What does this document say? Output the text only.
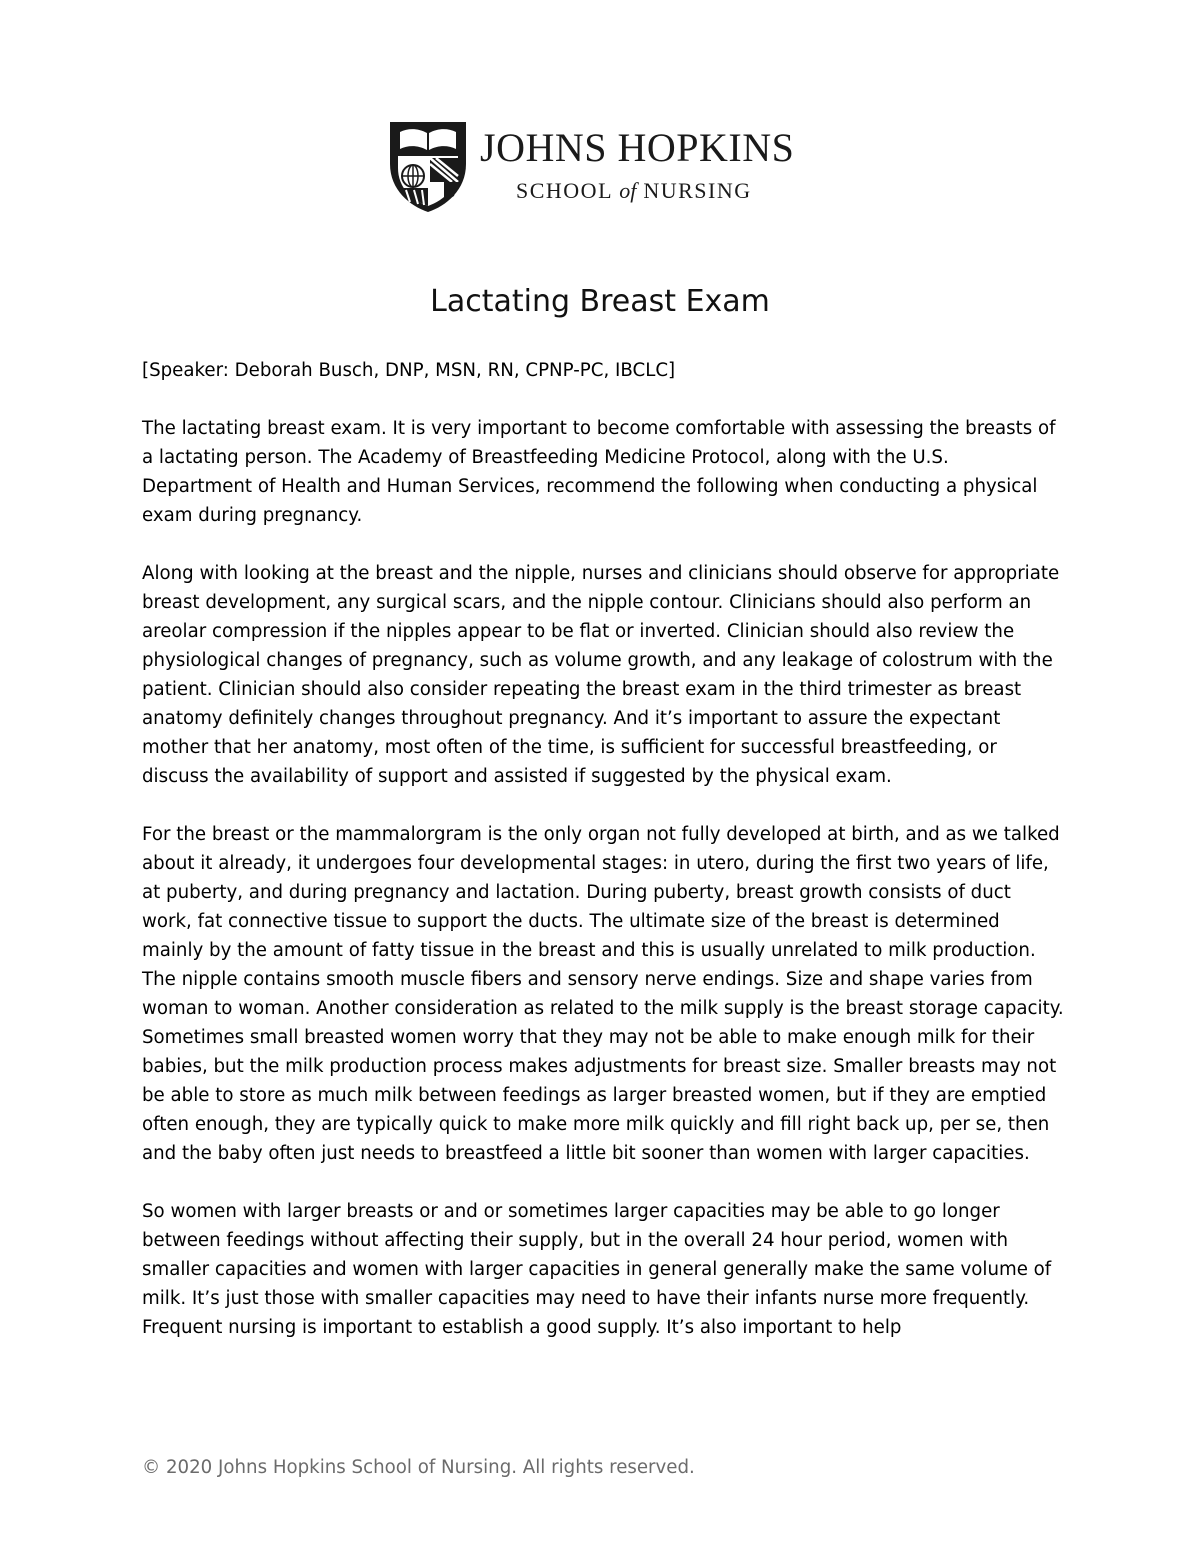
JOHNS HOPKINS
SCHOOL of NURSING
Lactating Breast Exam

[Speaker: Deborah Busch, DNP, MSN, RN, CPNP-PC, IBCLC]

The lactating breast exam. It is very important to become comfortable with assessing the breasts of a lactating person. The Academy of Breastfeeding Medicine Protocol, along with the U.S. Department of Health and Human Services, recommend the following when conducting a physical exam during pregnancy.

Along with looking at the breast and the nipple, nurses and clinicians should observe for appropriate breast development, any surgical scars, and the nipple contour. Clinicians should also perform an areolar compression if the nipples appear to be flat or inverted. Clinician should also review the physiological changes of pregnancy, such as volume growth, and any leakage of colostrum with the patient. Clinician should also consider repeating the breast exam in the third trimester as breast anatomy definitely changes throughout pregnancy. And it’s important to assure the expectant mother that her anatomy, most often of the time, is sufficient for successful breastfeeding, or discuss the availability of support and assisted if suggested by the physical exam.

For the breast or the mammalorgram is the only organ not fully developed at birth, and as we talked about it already, it undergoes four developmental stages: in utero, during the first two years of life, at puberty, and during pregnancy and lactation. During puberty, breast growth consists of duct work, fat connective tissue to support the ducts. The ultimate size of the breast is determined mainly by the amount of fatty tissue in the breast and this is usually unrelated to milk production. The nipple contains smooth muscle fibers and sensory nerve endings. Size and shape varies from woman to woman. Another consideration as related to the milk supply is the breast storage capacity. Sometimes small breasted women worry that they may not be able to make enough milk for their babies, but the milk production process makes adjustments for breast size. Smaller breasts may not be able to store as much milk between feedings as larger breasted women, but if they are emptied often enough, they are typically quick to make more milk quickly and fill right back up, per se, then and the baby often just needs to breastfeed a little bit sooner than women with larger capacities.

So women with larger breasts or and or sometimes larger capacities may be able to go longer between feedings without affecting their supply, but in the overall 24 hour period, women with smaller capacities and women with larger capacities in general generally make the same volume of milk. It’s just those with smaller capacities may need to have their infants nurse more frequently. Frequent nursing is important to establish a good supply. It’s also important to help

© 2020 Johns Hopkins School of Nursing. All rights reserved.
